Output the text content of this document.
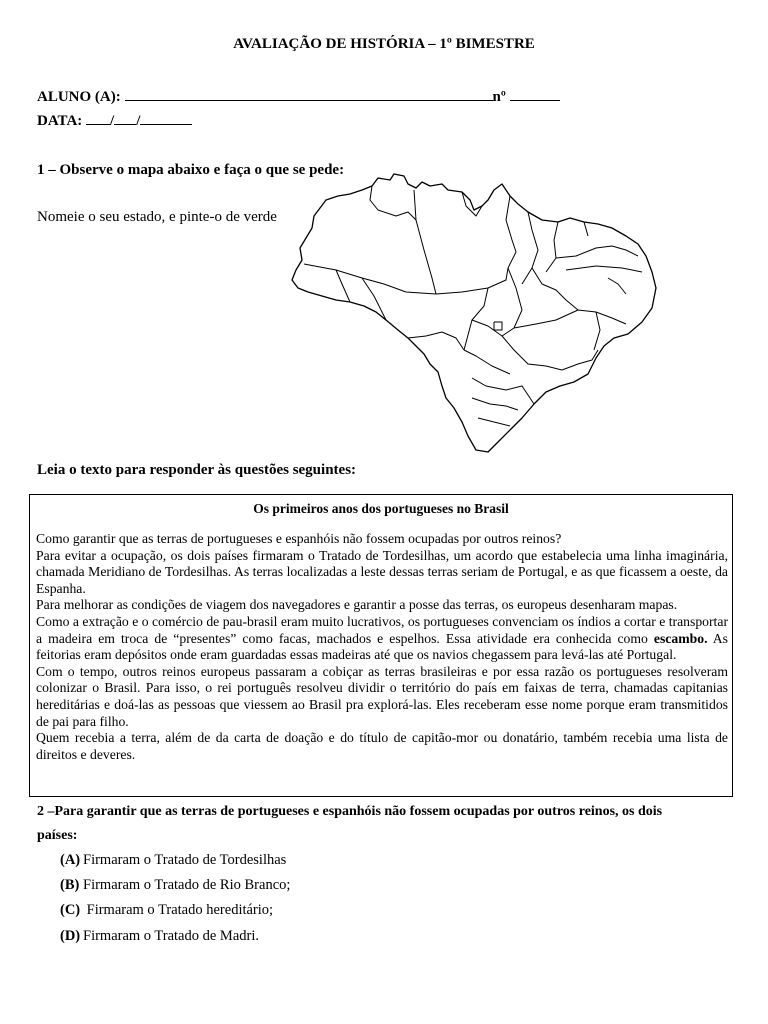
AVALIAÇÃO DE HISTÓRIA – 1º BIMESTRE
ALUNO (A):	nº
DATA: / /
1 – Observe o mapa abaixo e faça o que se pede:
Nomeie o seu estado, e pinte-o de verde
Leia o texto para responder às questões seguintes:
Os primeiros anos dos portugueses no Brasil
Como garantir que as terras de portugueses e espanhóis não fossem ocupadas por outros reinos?
Para evitar a ocupação, os dois países firmaram o Tratado de Tordesilhas, um acordo que estabelecia uma linha imaginária, chamada Meridiano de Tordesilhas. As terras localizadas a leste dessas terras seriam de Portugal, e as que ficassem a oeste, da Espanha.
Para melhorar as condições de viagem dos navegadores e garantir a posse das terras, os europeus desenharam mapas.
Como a extração e o comércio de pau-brasil eram muito lucrativos, os portugueses convenciam os índios a cortar e transportar a madeira em troca de “presentes” como facas, machados e espelhos. Essa atividade era conhecida como escambo. As feitorias eram depósitos onde eram guardadas essas madeiras até que os navios chegassem para levá-las até Portugal.
Com o tempo, outros reinos europeus passaram a cobiçar as terras brasileiras e por essa razão os portugueses resolveram colonizar o Brasil. Para isso, o rei português resolveu dividir o território do país em faixas de terra, chamadas capitanias hereditárias e doá-las as pessoas que viessem ao Brasil pra explorá-las. Eles receberam esse nome porque eram transmitidos de pai para filho.
Quem recebia a terra, além de da carta de doação e do título de capitão-mor ou donatário, também recebia uma lista de direitos e deveres.
2 –Para garantir que as terras de portugueses e espanhóis não fossem ocupadas por outros reinos, os dois
países:
(A) Firmaram o Tratado de Tordesilhas
(B) Firmaram o Tratado de Rio Branco;
(C) Firmaram o Tratado hereditário;
(D) Firmaram o Tratado de Madri.
